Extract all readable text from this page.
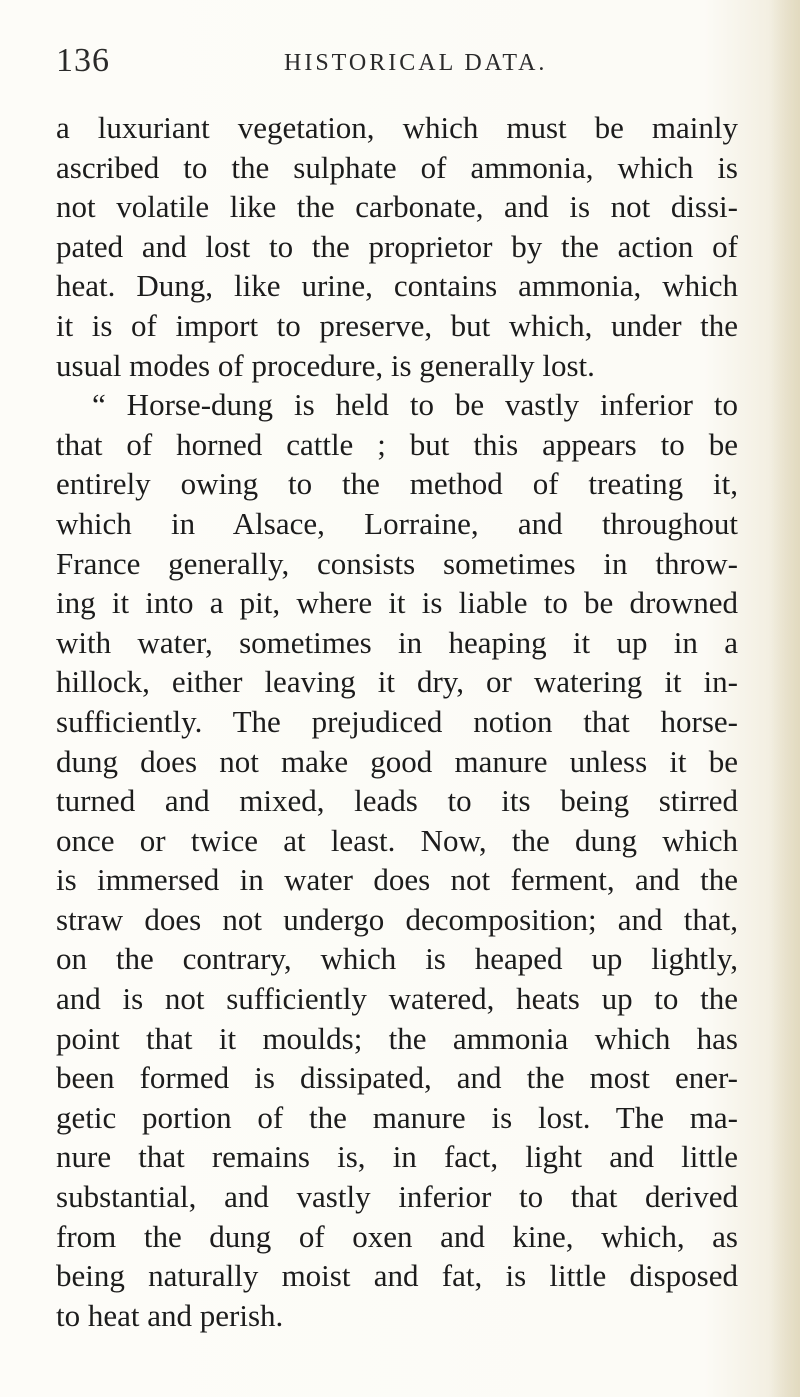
136	HISTORICAL DATA.
a luxuriant vegetation, which must be mainly
ascribed to the sulphate of ammonia, which is
not volatile like the carbonate, and is not dissi-
pated and lost to the proprietor by the action of
heat. Dung, like urine, contains ammonia, which
it is of import to preserve, but which, under the
usual modes of procedure, is generally lost.
“ Horse-dung is held to be vastly inferior to
that of horned cattle ; but this appears to be
entirely owing to the method of treating it,
which in Alsace, Lorraine, and throughout
France generally, consists sometimes in throw-
ing it into a pit, where it is liable to be drowned
with water, sometimes in heaping it up in a
hillock, either leaving it dry, or watering it in-
sufficiently. The prejudiced notion that horse-
dung does not make good manure unless it be
turned and mixed, leads to its being stirred
once or twice at least. Now, the dung which
is immersed in water does not ferment, and the
straw does not undergo decomposition; and that,
on the contrary, which is heaped up lightly,
and is not sufficiently watered, heats up to the
point that it moulds; the ammonia which has
been formed is dissipated, and the most ener-
getic portion of the manure is lost. The ma-
nure that remains is, in fact, light and little
substantial, and vastly inferior to that derived
from the dung of oxen and kine, which, as
being naturally moist and fat, is little disposed
to heat and perish.
